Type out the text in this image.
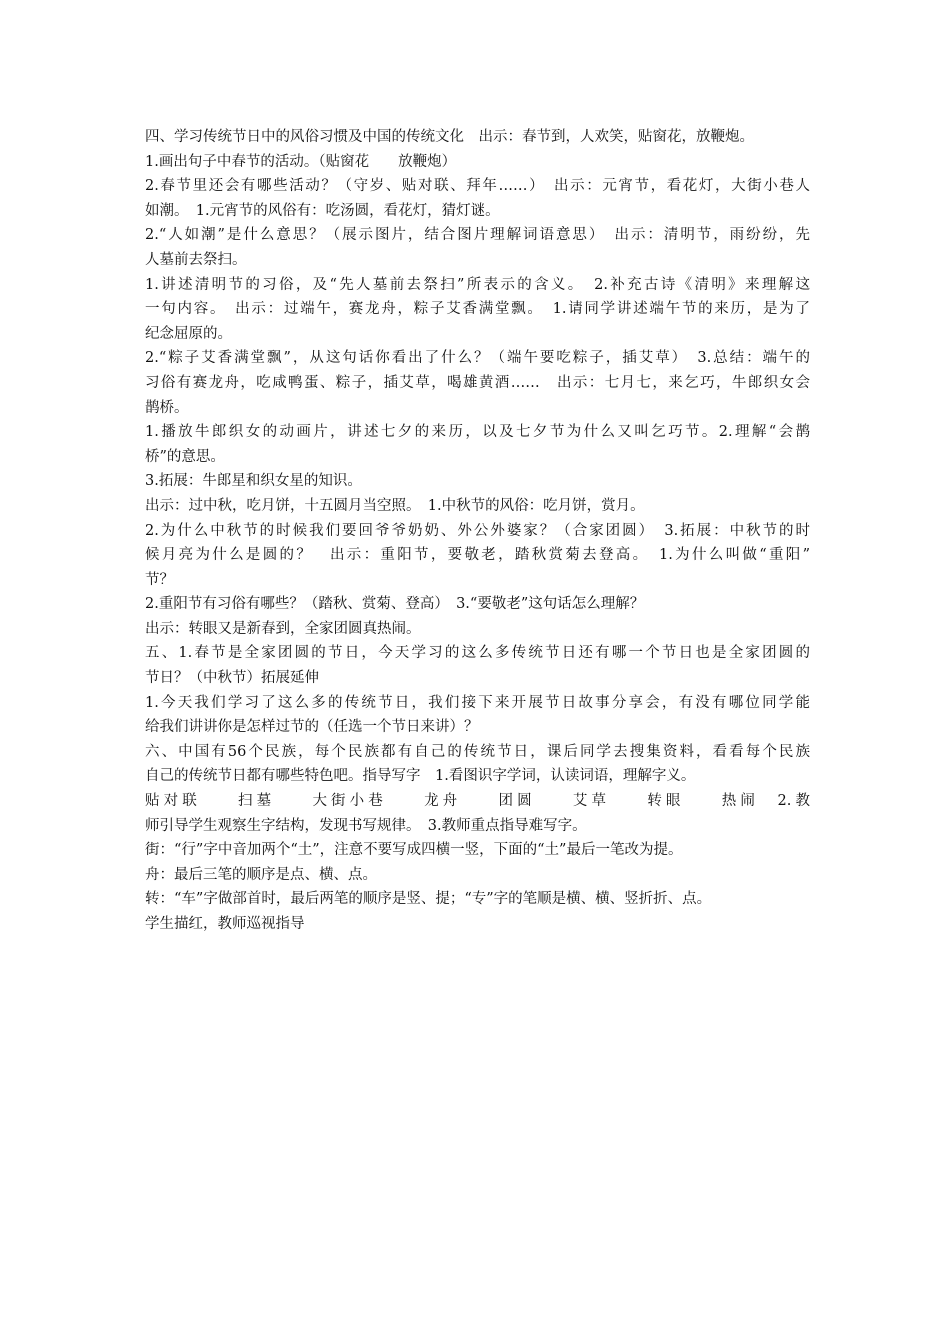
四、学习传统节日中的风俗习惯及中国的传统文化　出示：春节到，人欢笑，贴窗花，放鞭炮。
1.画出句子中春节的活动。（贴窗花　　放鞭炮）
2.春节里还会有哪些活动？（守岁、贴对联、拜年……）　出示：元宵节，看花灯，大街小巷人
如潮。　1.元宵节的风俗有：吃汤圆，看花灯，猜灯谜。
2.“人如潮”是什么意思？（展示图片，结合图片理解词语意思）　出示：清明节，雨纷纷，先
人墓前去祭扫。
1.讲述清明节的习俗，及“先人墓前去祭扫”所表示的含义。　2.补充古诗《清明》来理解这
一句内容。　出示：过端午，赛龙舟，粽子艾香满堂飘。　1.请同学讲述端午节的来历，是为了
纪念屈原的。
2.“粽子艾香满堂飘”，从这句话你看出了什么？（端午要吃粽子，插艾草）　3.总结：端午的
习俗有赛龙舟，吃咸鸭蛋、粽子，插艾草，喝雄黄酒……　出示：七月七，来乞巧，牛郎织女会
鹊桥。
1.播放牛郎织女的动画片，讲述七夕的来历，以及七夕节为什么又叫乞巧节。2.理解“会鹊
桥”的意思。
3.拓展：牛郎星和织女星的知识。
出示：过中秋，吃月饼，十五圆月当空照。　1.中秋节的风俗：吃月饼，赏月。
2.为什么中秋节的时候我们要回爷爷奶奶、外公外婆家？（合家团圆）　3.拓展：中秋节的时
候月亮为什么是圆的？　出示：重阳节，要敬老，踏秋赏菊去登高。　1.为什么叫做“重阳”
节？
2.重阳节有习俗有哪些？（踏秋、赏菊、登高）　3.“要敬老”这句话怎么理解？
出示：转眼又是新春到，全家团圆真热闹。
五、1.春节是全家团圆的节日，今天学习的这么多传统节日还有哪一个节日也是全家团圆的
节日？（中秋节）拓展延伸
1.今天我们学习了这么多的传统节日，我们接下来开展节日故事分享会，有没有哪位同学能
给我们讲讲你是怎样过节的（任选一个节日来讲）？
六、中国有56个民族，每个民族都有自己的传统节日，课后同学去搜集资料，看看每个民族
自己的传统节日都有哪些特色吧。指导写字　1.看图识字学词，认读词语，理解字义。
贴对联　　扫墓　　大街小巷　　龙舟　　团圆　　艾草　　转眼　　热闹　2.教
师引导学生观察生字结构，发现书写规律。　3.教师重点指导难写字。
街：“行”字中音加两个“土”，注意不要写成四横一竖，下面的“土”最后一笔改为提。
舟：最后三笔的顺序是点、横、点。
转：“车”字做部首时，最后两笔的顺序是竖、提；“专”字的笔顺是横、横、竖折折、点。
学生描红，教师巡视指导
